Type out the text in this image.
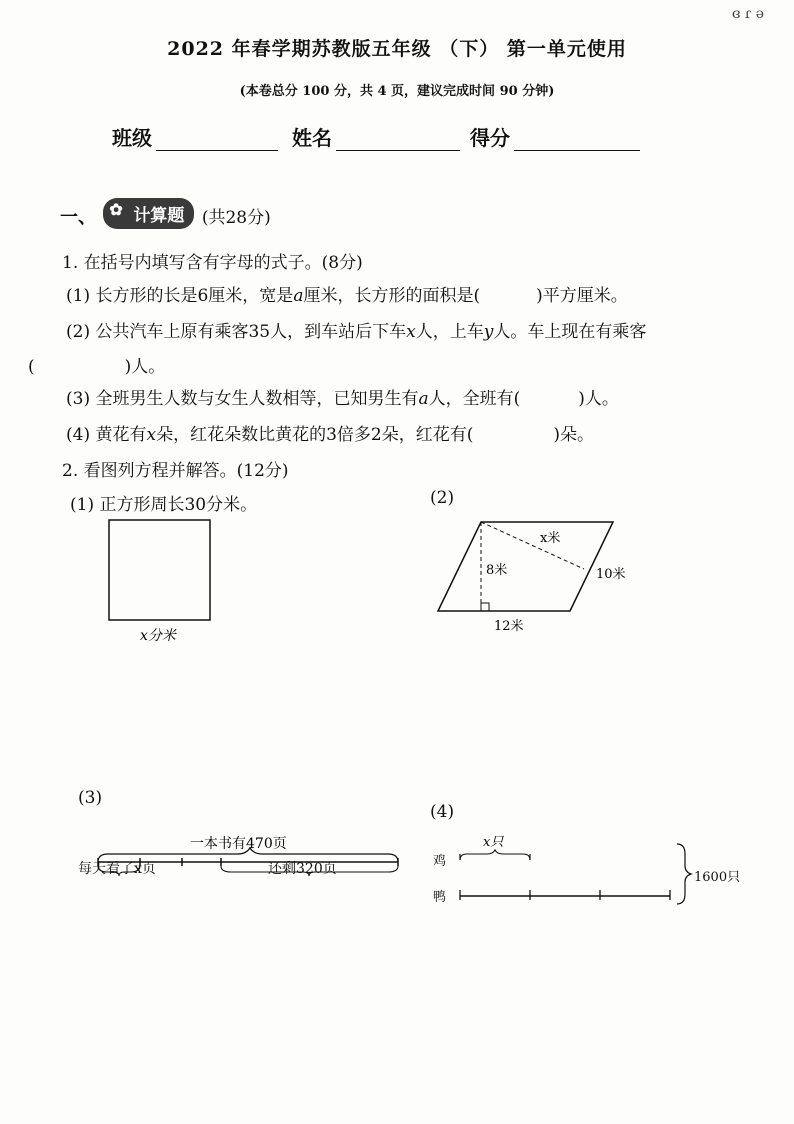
ɞ ɾ ǝ
2022 年春学期苏教版五年级 （下） 第一单元使用
(本卷总分 100 分，共 4 页，建议完成时间 90 分钟)
班级	姓名	得分
一、 ✿ 计算题 (共28分)
1. 在括号内填写含有字母的式子。(8分)
(1) 长方形的长是6厘米，宽是a厘米，长方形的面积是(	)平方厘米。
(2) 公共汽车上原有乘客35人，到车站后下车x人，上车y人。车上现在有乘客
(	)人。
(3) 全班男生人数与女生人数相等，已知男生有a人，全班有(	)人。
(4) 黄花有x朵，红花朵数比黄花的3倍多2朵，红花有(	)朵。
2. 看图列方程并解答。(12分)
(1) 正方形周长30分米。	(2)
x分米
x米
8米	10米
12米
(3)
一本书有470页
每天看了x页	还剩320页
(4)
鸡
鸭
x只
1600只
